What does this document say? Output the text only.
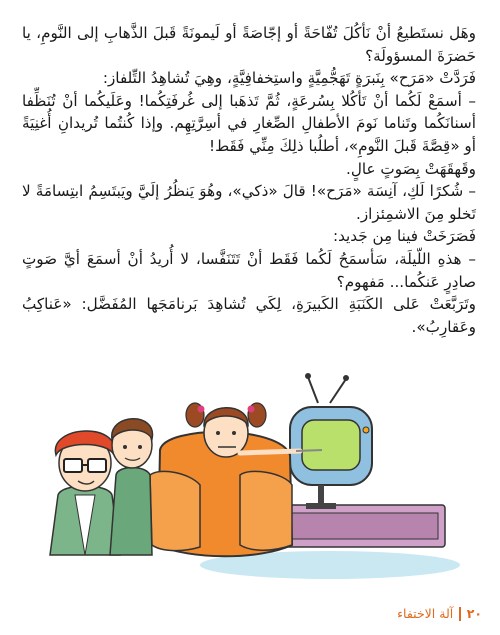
وهَل نستَطيعُ أنْ نَأكُلَ تُفّاحَةً أو إجّاصَةً أو لَيمونَةً قَبلَ الذَّهابِ إلى النَّومِ، يا حَضرَةَ المسؤولَة؟

فَرَدَّتْ «مَرَح» بِنَبرَةٍ تَهَجُّمِيَّةٍ واستِخفافِيَّةٍ، وهِيَ تُشاهِدُ التِّلفاز:

– أسمَعْ لَكُما أنْ تَأكُلا بِسُرعَةٍ، ثُمَّ تَذهَبا إلى غُرفَتِكُما! وعَلَيكُما أنْ تُنَظِّفا أسنانَكُما وتَناما نَومَ الأطفالِ الصِّغارِ في أسِرَّتِهِم. وإذا كُنتُما تُريدانِ أُغنِيَةً أو «قِصَّةَ قَبلَ النَّومِ»، أطلُبا ذلِكَ مِنِّي فَقَط!

وقَهقَهَتْ بِصَوتٍ عالٍ.

– شُكرًا لَكِ، آنِسَة «مَرَح»! قالَ «ذكي»، وهُوَ يَنظُرُ إلَيَّ ويَبتَسِمُ ابتِسامَةً لا تَخلو مِنَ الاشمِئزاز.

فَصَرَخَتْ فينا مِن جَديد:

– هذهِ اللّيلَة، سَأسمَحُ لَكُما فَقَط أنْ تَتَنَفَّسا، لا أُريدُ أنْ أسمَعَ أيَّ صَوتٍ صادِرٍ عَنكُما... مَفهوم؟

وتَرَبَّعَتْ عَلى الكَنَبَةِ الكَبيرَةِ، لِكَي تُشاهِدَ بَرنامَجَها المُفَضَّل: «عَناكِبُ وعَقارِبُ».

٢٠
آلة الاختفاء
